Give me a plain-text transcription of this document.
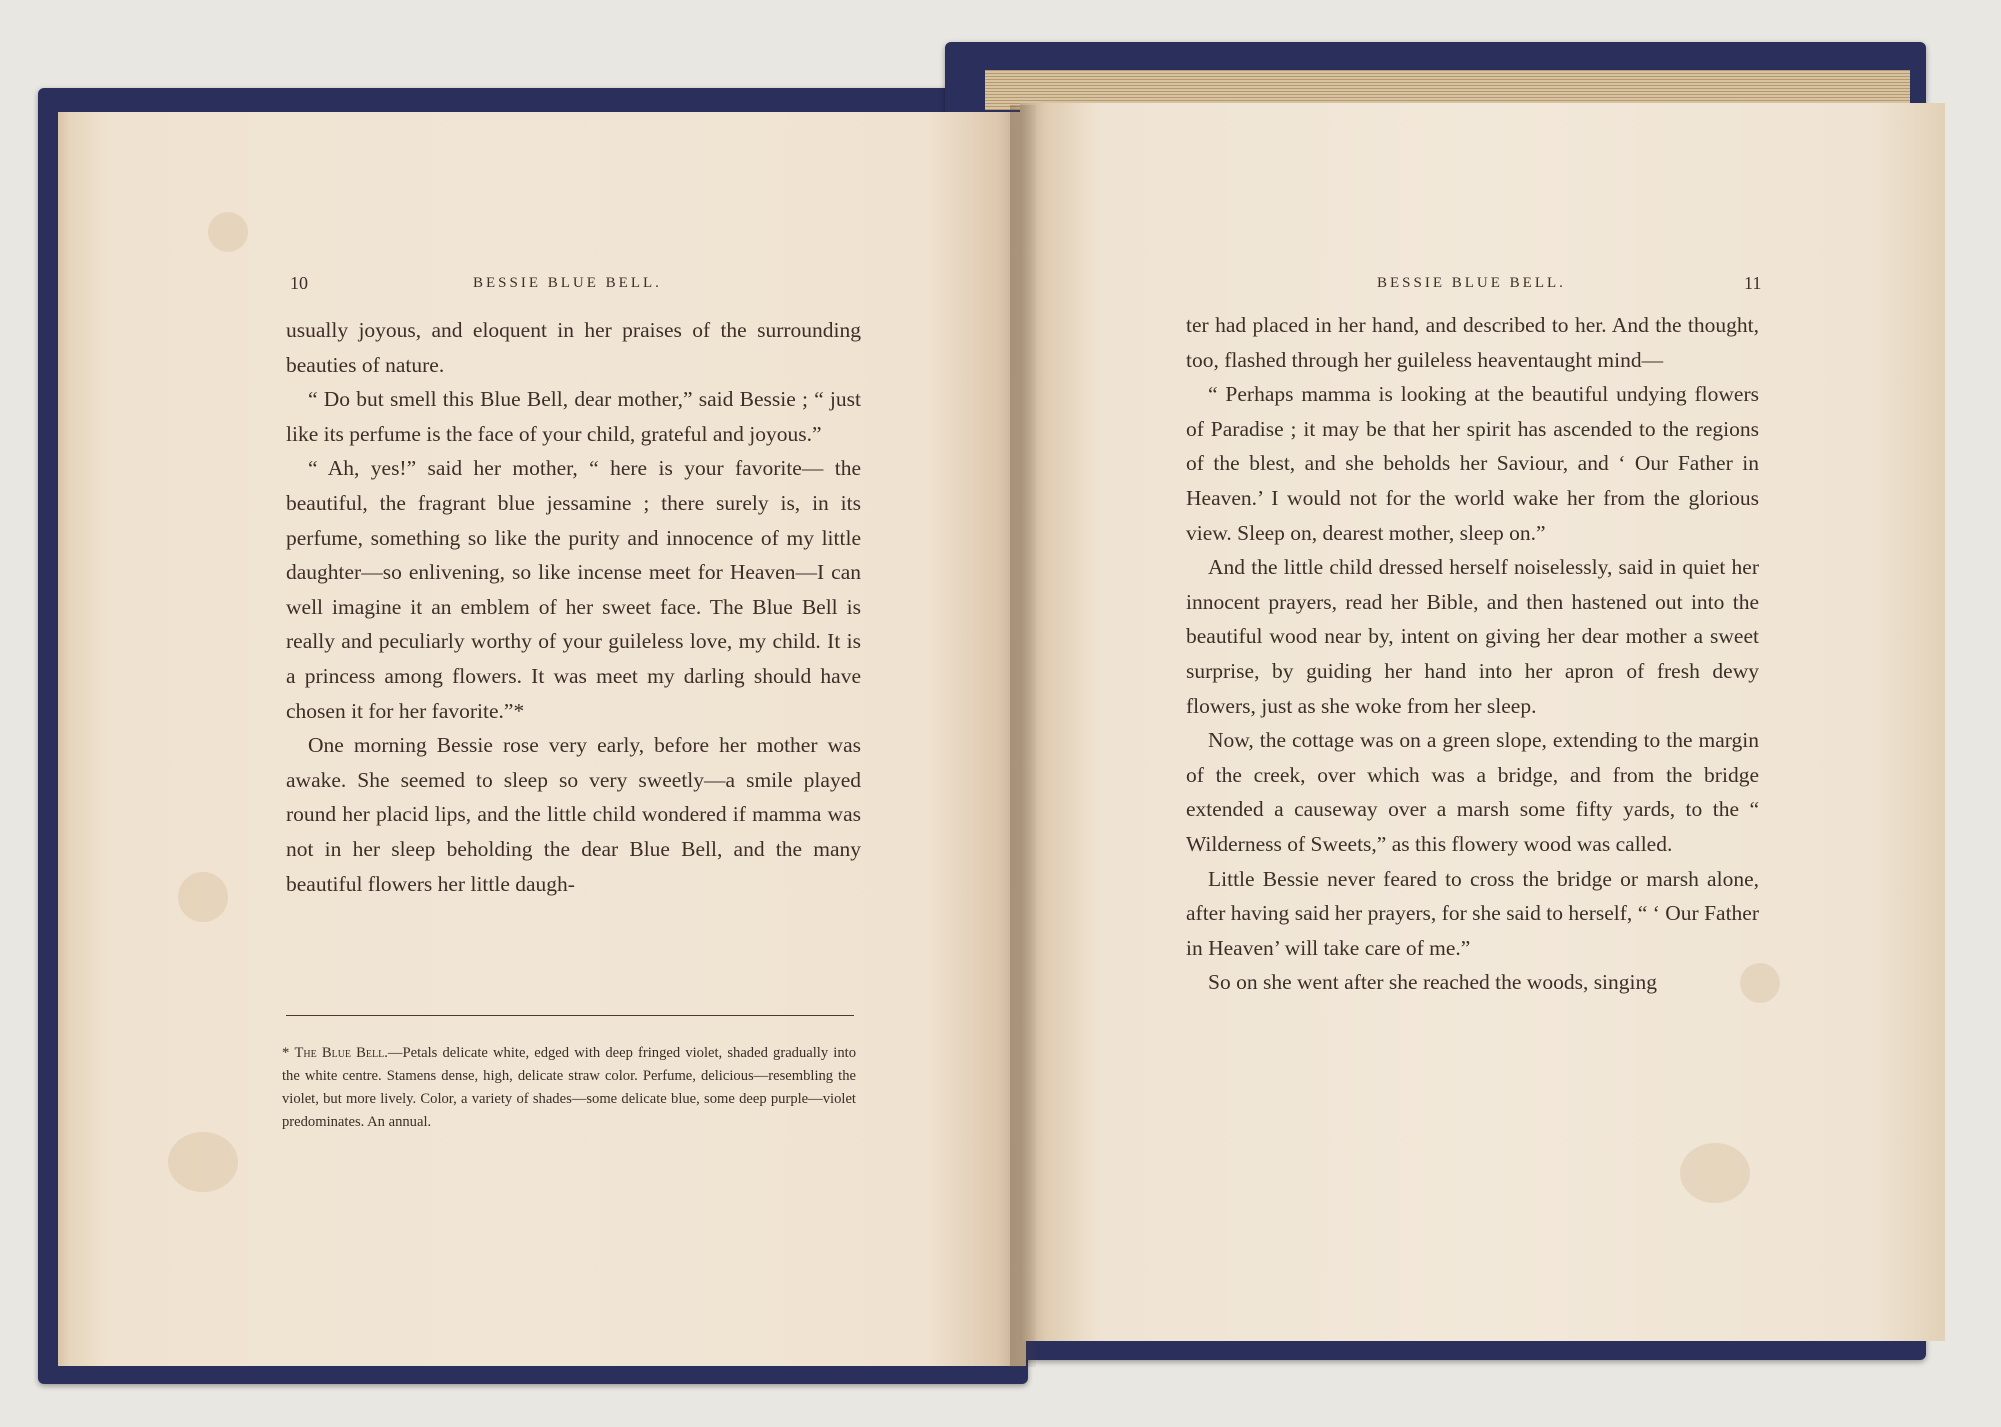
10	BESSIE BLUE BELL.

usually joyous, and eloquent in her praises of the surrounding beauties of nature.

“ Do but smell this Blue Bell, dear mother,” said Bessie ; “ just like its perfume is the face of your child, grateful and joyous.”

“ Ah, yes!” said her mother, “ here is your favorite— the beautiful, the fragrant blue jessamine ; there surely is, in its perfume, something so like the purity and innocence of my little daughter—so enlivening, so like incense meet for Heaven—I can well imagine it an emblem of her sweet face. The Blue Bell is really and peculiarly worthy of your guileless love, my child. It is a princess among flowers. It was meet my darling should have chosen it for her favorite.”*

One morning Bessie rose very early, before her mother was awake. She seemed to sleep so very sweetly—a smile played round her placid lips, and the little child wondered if mamma was not in her sleep beholding the dear Blue Bell, and the many beautiful flowers her little daugh-

* The Blue Bell.—Petals delicate white, edged with deep fringed violet, shaded gradually into the white centre. Stamens dense, high, delicate straw color. Perfume, delicious—resembling the violet, but more lively. Color, a variety of shades—some delicate blue, some deep purple—violet predominates. An annual.
BESSIE BLUE BELL.	11

ter had placed in her hand, and described to her. And the thought, too, flashed through her guileless heaventaught mind—

“ Perhaps mamma is looking at the beautiful undying flowers of Paradise ; it may be that her spirit has ascended to the regions of the blest, and she beholds her Saviour, and ‘ Our Father in Heaven.’ I would not for the world wake her from the glorious view. Sleep on, dearest mother, sleep on.”

And the little child dressed herself noiselessly, said in quiet her innocent prayers, read her Bible, and then hastened out into the beautiful wood near by, intent on giving her dear mother a sweet surprise, by guiding her hand into her apron of fresh dewy flowers, just as she woke from her sleep.

Now, the cottage was on a green slope, extending to the margin of the creek, over which was a bridge, and from the bridge extended a causeway over a marsh some fifty yards, to the “ Wilderness of Sweets,” as this flowery wood was called.

Little Bessie never feared to cross the bridge or marsh alone, after having said her prayers, for she said to herself, “ ‘ Our Father in Heaven’ will take care of me.”

So on she went after she reached the woods, singing
